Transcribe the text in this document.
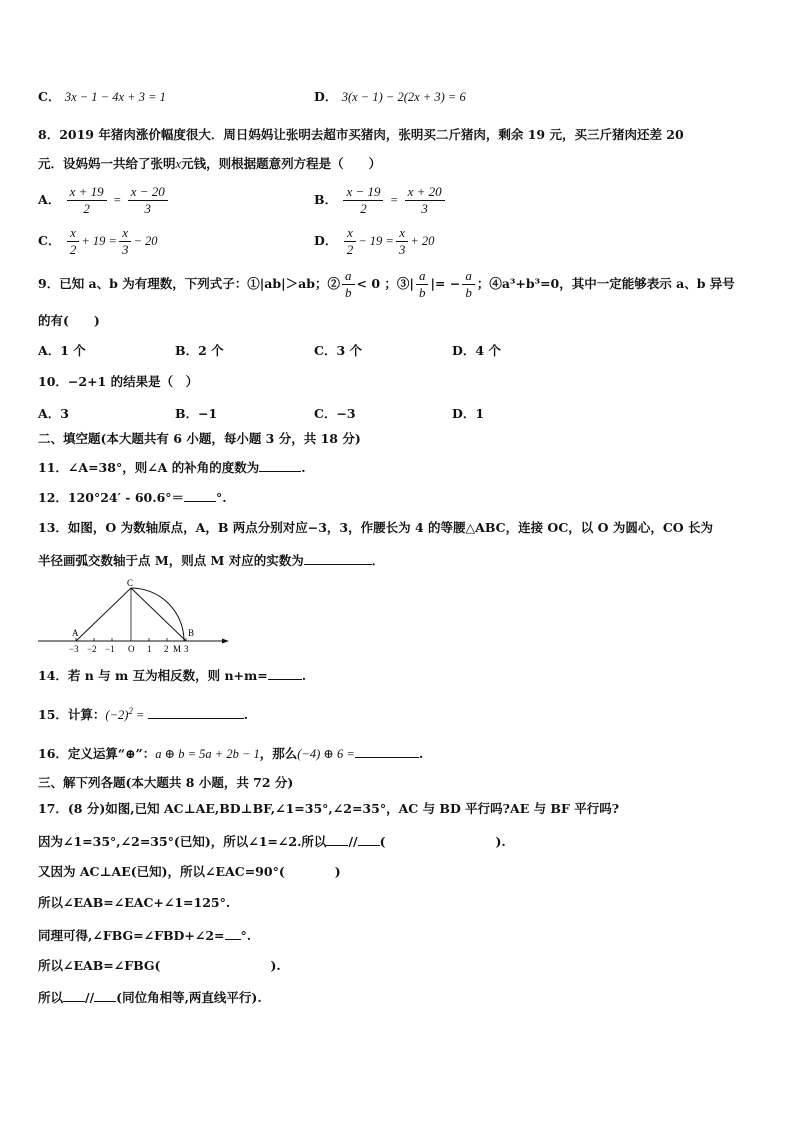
C． 3x − 1 − 4x + 3 = 1	D． 3(x − 1) − 2(2x + 3) = 6
8．2019 年猪肉涨价幅度很大．周日妈妈让张明去超市买猪肉，张明买二斤猪肉，剩余 19 元，买三斤猪肉还差 20
元．设妈妈一共给了张明x元钱，则根据题意列方程是（　　）
A． $\frac{x + 19}{2} = \frac{x - 20}{3}$	B． $\frac{x - 19}{2} = \frac{x + 20}{3}$
C． $\frac{x}{2} + 19 = \frac{x}{3} - 20$	D． $\frac{x}{2} - 19 = \frac{x}{3} + 20$
9．已知 a、b 为有理数，下列式子：①|ab|＞ab；② $\frac{a}{b} < 0$ ；③| $\frac{a}{b}$ |= − $\frac{a}{b}$ ；④a³+b³=0，其中一定能够表示 a、b 异号
的有(　　)
A．1 个	B．2 个	C．3 个	D．4 个
10．−2+1 的结果是（　）
A．3	B．−1	C．−3	D．1
二、填空题(本大题共有 6 小题，每小题 3 分，共 18 分)
11．∠A=38°，则∠A 的补角的度数为	.
12．120°24′ - 60.6°＝	°.
13．如图，O 为数轴原点，A，B 两点分别对应−3，3，作腰长为 4 的等腰△ABC，连接 OC，以 O 为圆心，CO 长为
半径画弧交数轴于点 M，则点 M 对应的实数为	．
C
A	B
−3 −2 −1 O 1 2 M 3
14．若 n 与 m 互为相反数，则 n+m=	.
15．计算：$(-2)^2$ =	.
16．定义运算“⊕”：a ⊕ b = 5a + 2b − 1，那么(−4) ⊕ 6 =	.
三、解下列各题(本大题共 8 小题，共 72 分)
17．(8 分)如图,已知 AC⊥AE,BD⊥BF,∠1=35°,∠2=35°，AC 与 BD 平行吗?AE 与 BF 平行吗?
因为∠1=35°,∠2=35°(已知)，所以∠1=∠2.所以 // (	).
又因为 AC⊥AE(已知)，所以∠EAC=90°(	)
所以∠EAB=∠EAC+∠1=125°.
同理可得,∠FBG=∠FBD+∠2= °.
所以∠EAB=∠FBG(	).
所以 // (同位角相等,两直线平行).
